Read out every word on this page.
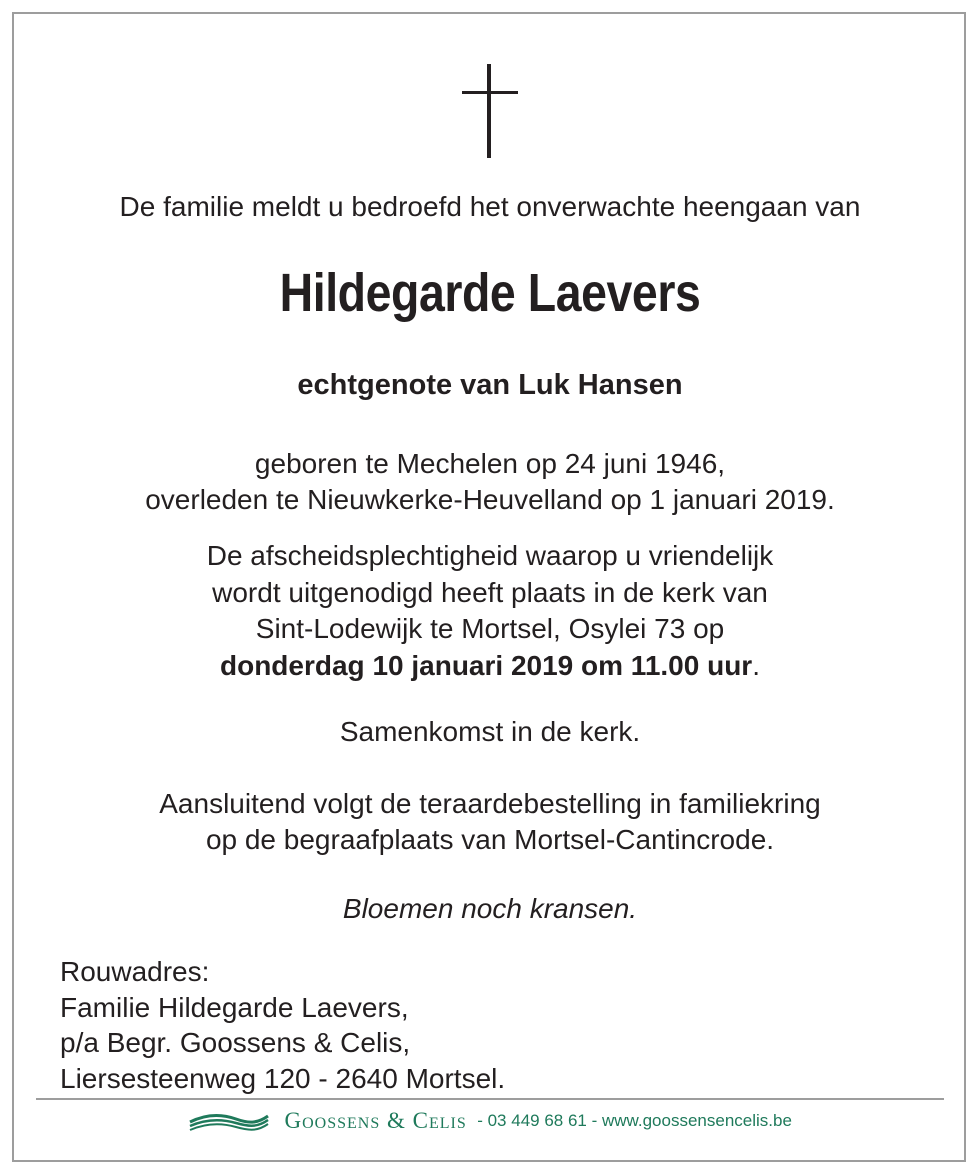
De familie meldt u bedroefd het onverwachte heengaan van
Hildegarde Laevers
echtgenote van Luk Hansen
geboren te Mechelen op 24 juni 1946,
overleden te Nieuwkerke-Heuvelland op 1 januari 2019.
De afscheidsplechtigheid waarop u vriendelijk
wordt uitgenodigd heeft plaats in de kerk van
Sint-Lodewijk te Mortsel, Osylei 73 op
donderdag 10 januari 2019 om 11.00 uur.
Samenkomst in de kerk.
Aansluitend volgt de teraardebestelling in familiekring
op de begraafplaats van Mortsel-Cantincrode.
Bloemen noch kransen.
Rouwadres:
Familie Hildegarde Laevers,
p/a Begr. Goossens & Celis,
Liersesteenweg 120 - 2640 Mortsel.
Goossens & Celis - 03 449 68 61 - www.goossensencelis.be
